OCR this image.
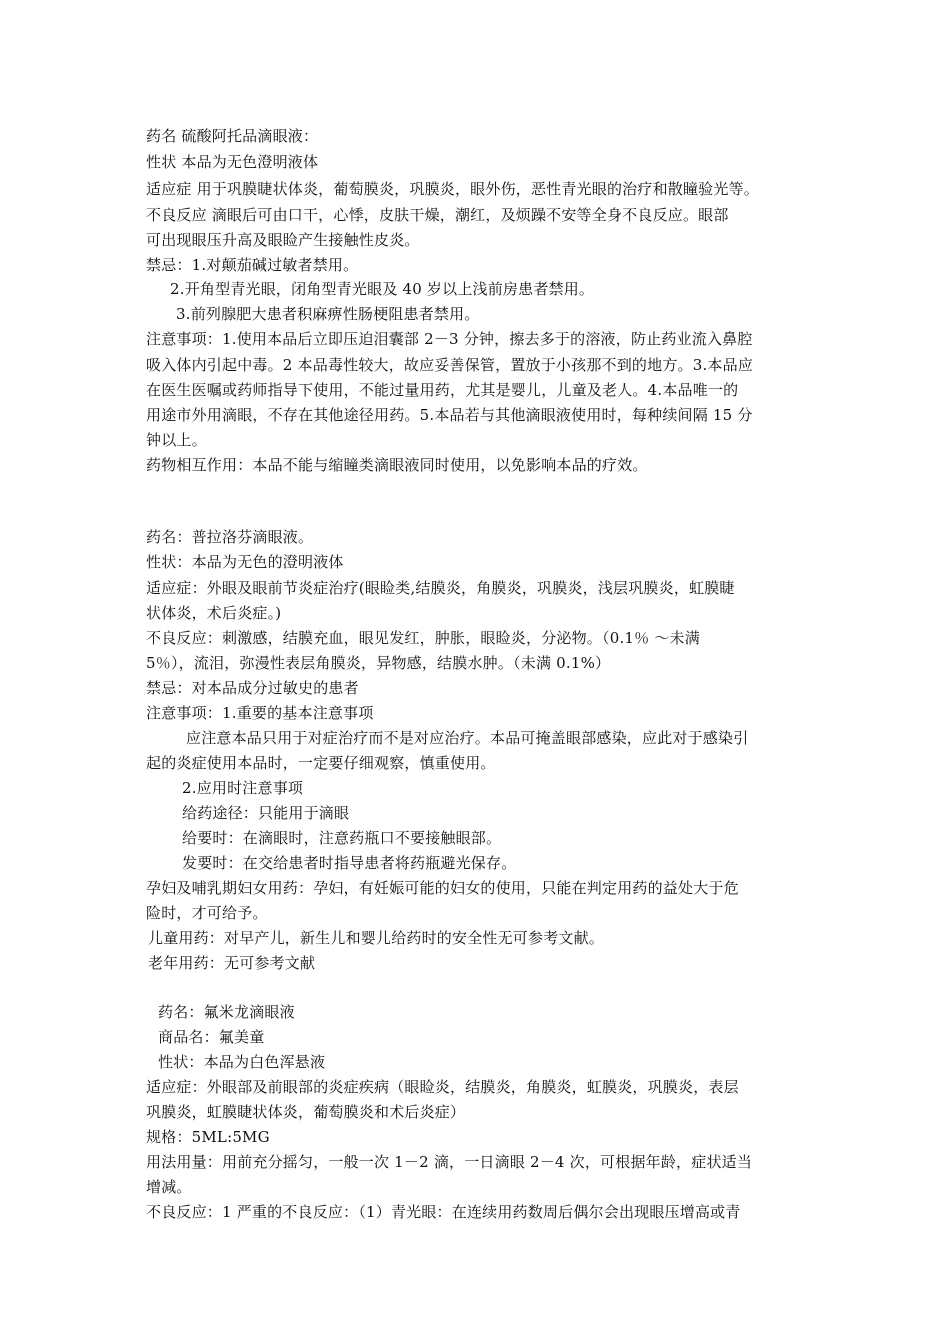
药名 硫酸阿托品滴眼液：
性状 本品为无色澄明液体
适应症 用于巩膜睫状体炎，葡萄膜炎，巩膜炎，眼外伤，恶性青光眼的治疗和散瞳验光等。
不良反应 滴眼后可由口干，心悸，皮肤干燥，潮红，及烦躁不安等全身不良反应。眼部
可出现眼压升高及眼睑产生接触性皮炎。
禁忌：1.对颠茄碱过敏者禁用。
2.开角型青光眼，闭角型青光眼及 40 岁以上浅前房患者禁用。
3.前列腺肥大患者积麻痹性肠梗阻患者禁用。
注意事项：1.使用本品后立即压迫泪囊部 2－3 分钟，擦去多于的溶液，防止药业流入鼻腔
吸入体内引起中毒。2 本品毒性较大，故应妥善保管，置放于小孩那不到的地方。3.本品应
在医生医嘱或药师指导下使用，不能过量用药，尤其是婴儿，儿童及老人。4.本品唯一的
用途市外用滴眼，不存在其他途径用药。5.本品若与其他滴眼液使用时，每种续间隔 15 分
钟以上。
药物相互作用：本品不能与缩瞳类滴眼液同时使用，以免影响本品的疗效。
药名：普拉洛芬滴眼液。
性状：本品为无色的澄明液体
适应症：外眼及眼前节炎症治疗(眼睑类,结膜炎，角膜炎，巩膜炎，浅层巩膜炎，虹膜睫
状体炎，术后炎症。)
不良反应：刺激感，结膜充血，眼见发红，肿胀，眼睑炎，分泌物。（0.1％ ～未满
5％），流泪，弥漫性表层角膜炎，异物感，结膜水肿。（未满 0.1%）
禁忌：对本品成分过敏史的患者
注意事项：1.重要的基本注意事项
应注意本品只用于对症治疗而不是对应治疗。本品可掩盖眼部感染，应此对于感染引
起的炎症使用本品时，一定要仔细观察，慎重使用。
2.应用时注意事项
给药途径：只能用于滴眼
给要时：在滴眼时，注意药瓶口不要接触眼部。
发要时：在交给患者时指导患者将药瓶避光保存。
孕妇及哺乳期妇女用药：孕妇，有妊娠可能的妇女的使用，只能在判定用药的益处大于危
险时，才可给予。
儿童用药：对早产儿，新生儿和婴儿给药时的安全性无可参考文献。
老年用药：无可参考文献
药名：氟米龙滴眼液
商品名：氟美童
性状：本品为白色浑悬液
适应症：外眼部及前眼部的炎症疾病（眼睑炎，结膜炎，角膜炎，虹膜炎，巩膜炎，表层
巩膜炎，虹膜睫状体炎，葡萄膜炎和术后炎症）
规格：5ML:5MG
用法用量：用前充分摇匀，一般一次 1－2 滴，一日滴眼 2－4 次，可根据年龄，症状适当
增减。
不良反应：1 严重的不良反应：（1）青光眼：在连续用药数周后偶尔会出现眼压增高或青
